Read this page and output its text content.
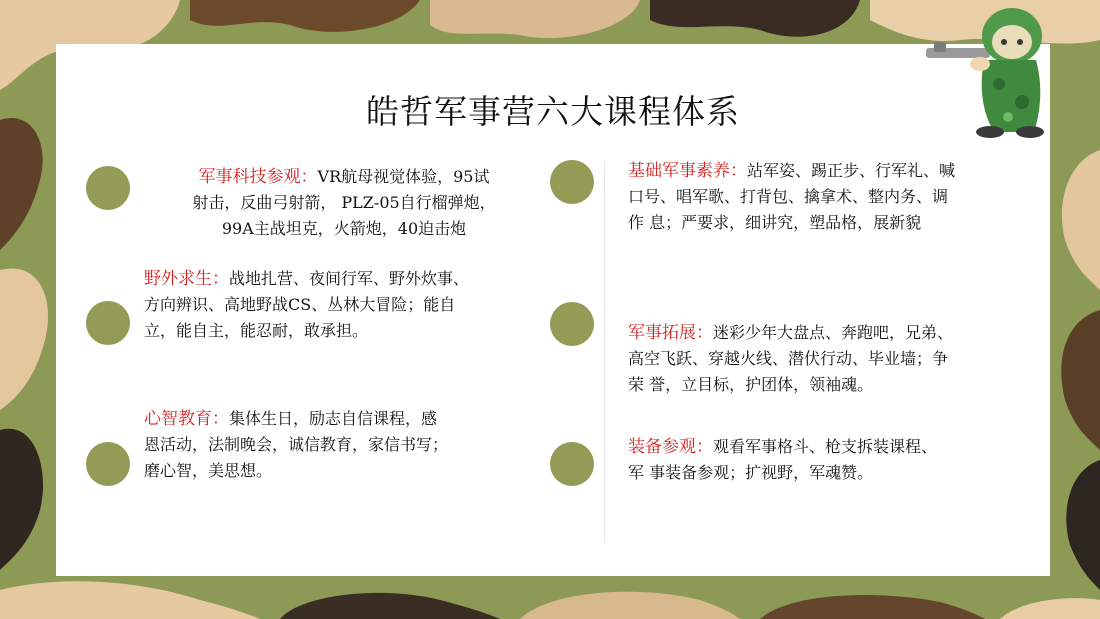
皓哲军事营六大课程体系
军事科技参观：VR航母视觉体验，95试
射击，反曲弓射箭， PLZ-05自行榴弹炮，
99A主战坦克，火箭炮，40迫击炮
野外求生：战地扎营、夜间行军、野外炊事、
方向辨识、高地野战CS、丛林大冒险；能自
立，能自主，能忍耐，敢承担。
心智教育：集体生日，励志自信课程，感
恩活动，法制晚会，诚信教育，家信书写；
磨心智，美思想。
基础军事素养：站军姿、踢正步、行军礼、喊
口号、唱军歌、打背包、擒拿术、整内务、调
作 息；严要求，细讲究，塑品格，展新貌
军事拓展：迷彩少年大盘点、奔跑吧，兄弟、
高空飞跃、穿越火线、潜伏行动、毕业墙；争
荣 誉，立目标，护团体，领袖魂。
装备参观：观看军事格斗、枪支拆装课程、
军 事装备参观；扩视野，军魂赞。
